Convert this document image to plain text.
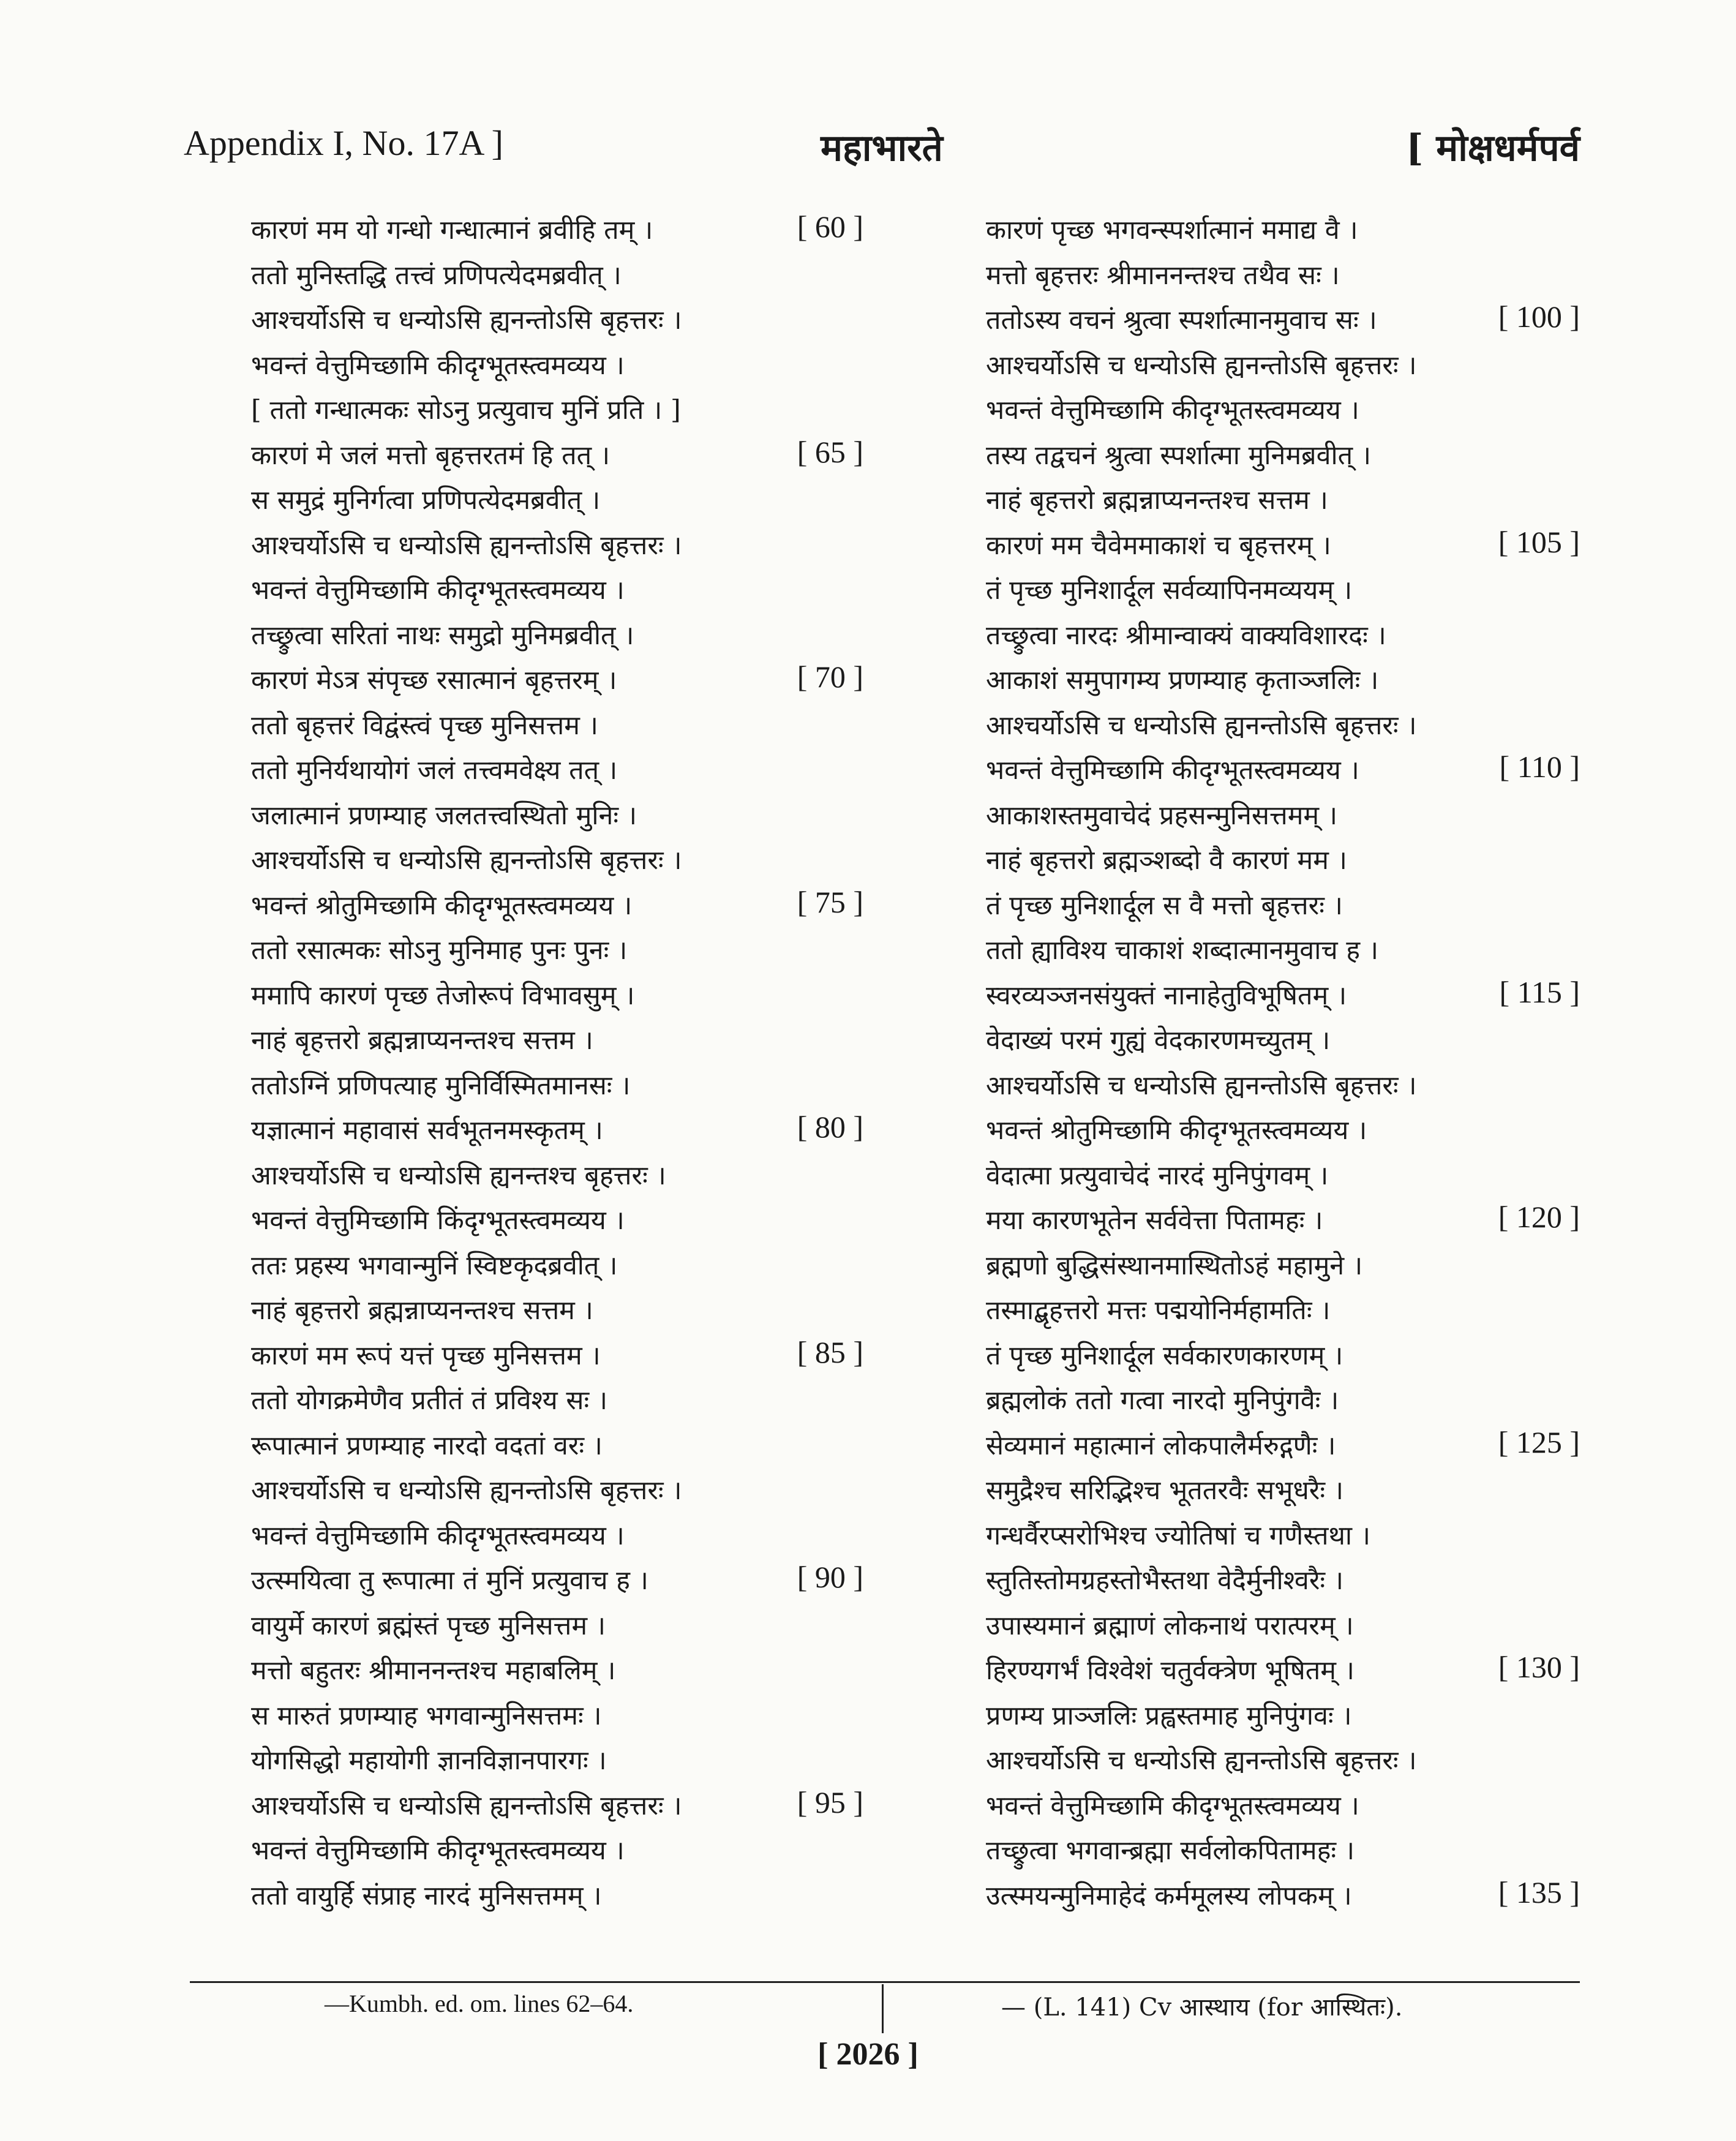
Appendix I, No. 17A ]	महाभारते	[ मोक्षधर्मपर्व
कारणं मम यो गन्धो गन्धात्मानं ब्रवीहि तम् ।	[ 60 ]
ततो मुनिस्तद्धि तत्त्वं प्रणिपत्येदमब्रवीत् ।
आश्चर्योऽसि च धन्योऽसि ह्यनन्तोऽसि बृहत्तरः ।
भवन्तं वेत्तुमिच्छामि कीदृग्भूतस्त्वमव्यय ।
[ ततो गन्धात्मकः सोऽनु प्रत्युवाच मुनिं प्रति । ]
कारणं मे जलं मत्तो बृहत्तरतमं हि तत् ।	[ 65 ]
स समुद्रं मुनिर्गत्वा प्रणिपत्येदमब्रवीत् ।
आश्चर्योऽसि च धन्योऽसि ह्यनन्तोऽसि बृहत्तरः ।
भवन्तं वेत्तुमिच्छामि कीदृग्भूतस्त्वमव्यय ।
तच्छ्रुत्वा सरितां नाथः समुद्रो मुनिमब्रवीत् ।
कारणं मेऽत्र संपृच्छ रसात्मानं बृहत्तरम् ।	[ 70 ]
ततो बृहत्तरं विद्वंस्त्वं पृच्छ मुनिसत्तम ।
ततो मुनिर्यथायोगं जलं तत्त्वमवेक्ष्य तत् ।
जलात्मानं प्रणम्याह जलतत्त्वस्थितो मुनिः ।
आश्चर्योऽसि च धन्योऽसि ह्यनन्तोऽसि बृहत्तरः ।
भवन्तं श्रोतुमिच्छामि कीदृग्भूतस्त्वमव्यय ।	[ 75 ]
ततो रसात्मकः सोऽनु मुनिमाह पुनः पुनः ।
ममापि कारणं पृच्छ तेजोरूपं विभावसुम् ।
नाहं बृहत्तरो ब्रह्मन्नाप्यनन्तश्च सत्तम ।
ततोऽग्निं प्रणिपत्याह मुनिर्विस्मितमानसः ।
यज्ञात्मानं महावासं सर्वभूतनमस्कृतम् ।	[ 80 ]
आश्चर्योऽसि च धन्योऽसि ह्यनन्तश्च बृहत्तरः ।
भवन्तं वेत्तुमिच्छामि किंदृग्भूतस्त्वमव्यय ।
ततः प्रहस्य भगवान्मुनिं स्विष्टकृदब्रवीत् ।
नाहं बृहत्तरो ब्रह्मन्नाप्यनन्तश्च सत्तम ।
कारणं मम रूपं यत्तं पृच्छ मुनिसत्तम ।	[ 85 ]
ततो योगक्रमेणैव प्रतीतं तं प्रविश्य सः ।
रूपात्मानं प्रणम्याह नारदो वदतां वरः ।
आश्चर्योऽसि च धन्योऽसि ह्यनन्तोऽसि बृहत्तरः ।
भवन्तं वेत्तुमिच्छामि कीदृग्भूतस्त्वमव्यय ।
उत्स्मयित्वा तु रूपात्मा तं मुनिं प्रत्युवाच ह ।	[ 90 ]
वायुर्मे कारणं ब्रह्मंस्तं पृच्छ मुनिसत्तम ।
मत्तो बहुतरः श्रीमाननन्तश्च महाबलिम् ।
स मारुतं प्रणम्याह भगवान्मुनिसत्तमः ।
योगसिद्धो महायोगी ज्ञानविज्ञानपारगः ।
आश्चर्योऽसि च धन्योऽसि ह्यनन्तोऽसि बृहत्तरः ।	[ 95 ]
भवन्तं वेत्तुमिच्छामि कीदृग्भूतस्त्वमव्यय ।
ततो वायुर्हि संप्राह नारदं मुनिसत्तमम् ।
कारणं पृच्छ भगवन्स्पर्शात्मानं ममाद्य वै ।
मत्तो बृहत्तरः श्रीमाननन्तश्च तथैव सः ।
ततोऽस्य वचनं श्रुत्वा स्पर्शात्मानमुवाच सः ।	[ 100 ]
आश्चर्योऽसि च धन्योऽसि ह्यनन्तोऽसि बृहत्तरः ।
भवन्तं वेत्तुमिच्छामि कीदृग्भूतस्त्वमव्यय ।
तस्य तद्वचनं श्रुत्वा स्पर्शात्मा मुनिमब्रवीत् ।
नाहं बृहत्तरो ब्रह्मन्नाप्यनन्तश्च सत्तम ।
कारणं मम चैवेममाकाशं च बृहत्तरम् ।	[ 105 ]
तं पृच्छ मुनिशार्दूल सर्वव्यापिनमव्ययम् ।
तच्छ्रुत्वा नारदः श्रीमान्वाक्यं वाक्यविशारदः ।
आकाशं समुपागम्य प्रणम्याह कृताञ्जलिः ।
आश्चर्योऽसि च धन्योऽसि ह्यनन्तोऽसि बृहत्तरः ।
भवन्तं वेत्तुमिच्छामि कीदृग्भूतस्त्वमव्यय ।	[ 110 ]
आकाशस्तमुवाचेदं प्रहसन्मुनिसत्तमम् ।
नाहं बृहत्तरो ब्रह्मञ्शब्दो वै कारणं मम ।
तं पृच्छ मुनिशार्दूल स वै मत्तो बृहत्तरः ।
ततो ह्याविश्य चाकाशं शब्दात्मानमुवाच ह ।
स्वरव्यञ्जनसंयुक्तं नानाहेतुविभूषितम् ।	[ 115 ]
वेदाख्यं परमं गुह्यं वेदकारणमच्युतम् ।
आश्चर्योऽसि च धन्योऽसि ह्यनन्तोऽसि बृहत्तरः ।
भवन्तं श्रोतुमिच्छामि कीदृग्भूतस्त्वमव्यय ।
वेदात्मा प्रत्युवाचेदं नारदं मुनिपुंगवम् ।
मया कारणभूतेन सर्ववेत्ता पितामहः ।	[ 120 ]
ब्रह्मणो बुद्धिसंस्थानमास्थितोऽहं महामुने ।
तस्माद्बृहत्तरो मत्तः पद्मयोनिर्महामतिः ।
तं पृच्छ मुनिशार्दूल सर्वकारणकारणम् ।
ब्रह्मलोकं ततो गत्वा नारदो मुनिपुंगवैः ।
सेव्यमानं महात्मानं लोकपालैर्मरुद्गणैः ।	[ 125 ]
समुद्रैश्च सरिद्भिश्च भूततरवैः सभूधरैः ।
गन्धर्वैरप्सरोभिश्च ज्योतिषां च गणैस्तथा ।
स्तुतिस्तोमग्रहस्तोभैस्तथा वेदैर्मुनीश्वरैः ।
उपास्यमानं ब्रह्माणं लोकनाथं परात्परम् ।
हिरण्यगर्भं विश्वेशं चतुर्वक्त्रेण भूषितम् ।	[ 130 ]
प्रणम्य प्राञ्जलिः प्रह्वस्तमाह मुनिपुंगवः ।
आश्चर्योऽसि च धन्योऽसि ह्यनन्तोऽसि बृहत्तरः ।
भवन्तं वेत्तुमिच्छामि कीदृग्भूतस्त्वमव्यय ।
तच्छ्रुत्वा भगवान्ब्रह्मा सर्वलोकपितामहः ।
उत्स्मयन्मुनिमाहेदं कर्ममूलस्य लोपकम् ।	[ 135 ]
—Kumbh. ed. om. lines 62–64.	— (L. 141) Cv आस्थाय (for आस्थितः).
[ 2026 ]
